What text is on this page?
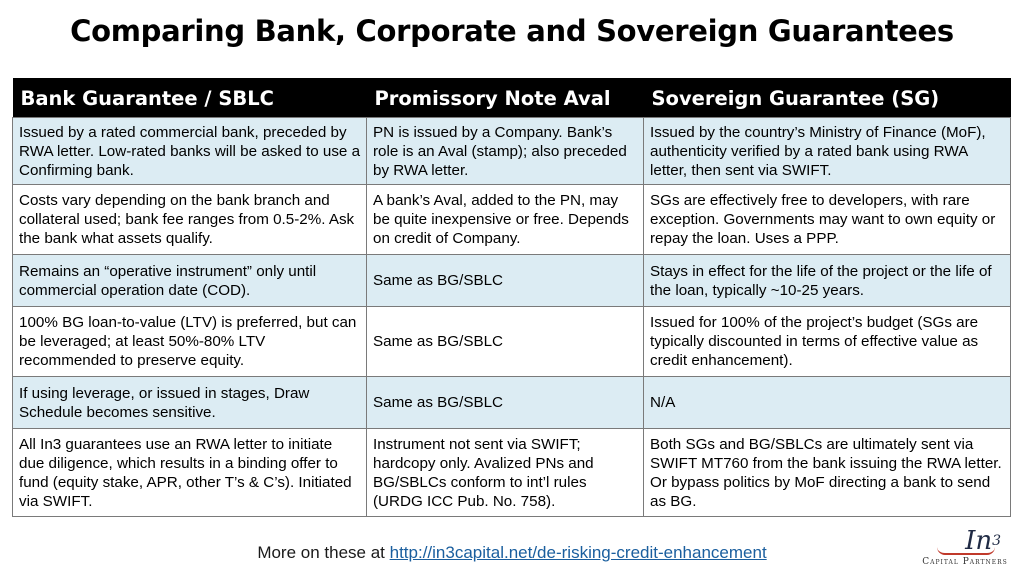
Comparing Bank, Corporate and Sovereign Guarantees
Bank Guarantee / SBLC	Promissory Note Aval	Sovereign Guarantee (SG)
Issued by a rated commercial bank, preceded by RWA letter. Low-rated banks will be asked to use a Confirming bank.	PN is issued by a Company. Bank’s role is an Aval (stamp); also preceded by RWA letter.	Issued by the country’s Ministry of Finance (MoF), authenticity verified by a rated bank using RWA letter, then sent via SWIFT.
Costs vary depending on the bank branch and collateral used; bank fee ranges from 0.5-2%. Ask the bank what assets qualify.	A bank’s Aval, added to the PN, may be quite inexpensive or free. Depends on credit of Company.	SGs are effectively free to developers, with rare exception. Governments may want to own equity or repay the loan. Uses a PPP.
Remains an “operative instrument” only until commercial operation date (COD).	Same as BG/SBLC	Stays in effect for the life of the project or the life of the loan, typically ~10-25 years.
100% BG loan-to-value (LTV) is preferred, but can be leveraged; at least 50%-80% LTV recommended to preserve equity.	Same as BG/SBLC	Issued for 100% of the project’s budget (SGs are typically discounted in terms of effective value as credit enhancement).
If using leverage, or issued in stages, Draw Schedule becomes sensitive.	Same as BG/SBLC	N/A
All In3 guarantees use an RWA letter to initiate due diligence, which results in a binding offer to fund (equity stake, APR, other T’s & C’s). Initiated via SWIFT.	Instrument not sent via SWIFT; hardcopy only. Avalized PNs and BG/SBLCs conform to int’l rules (URDG ICC Pub. No. 758).	Both SGs and BG/SBLCs are ultimately sent via SWIFT MT760 from the bank issuing the RWA letter. Or bypass politics by MoF directing a bank to send as BG.
More on these at http://in3capital.net/de-risking-credit-enhancement	In$^3$
Capital Partners
